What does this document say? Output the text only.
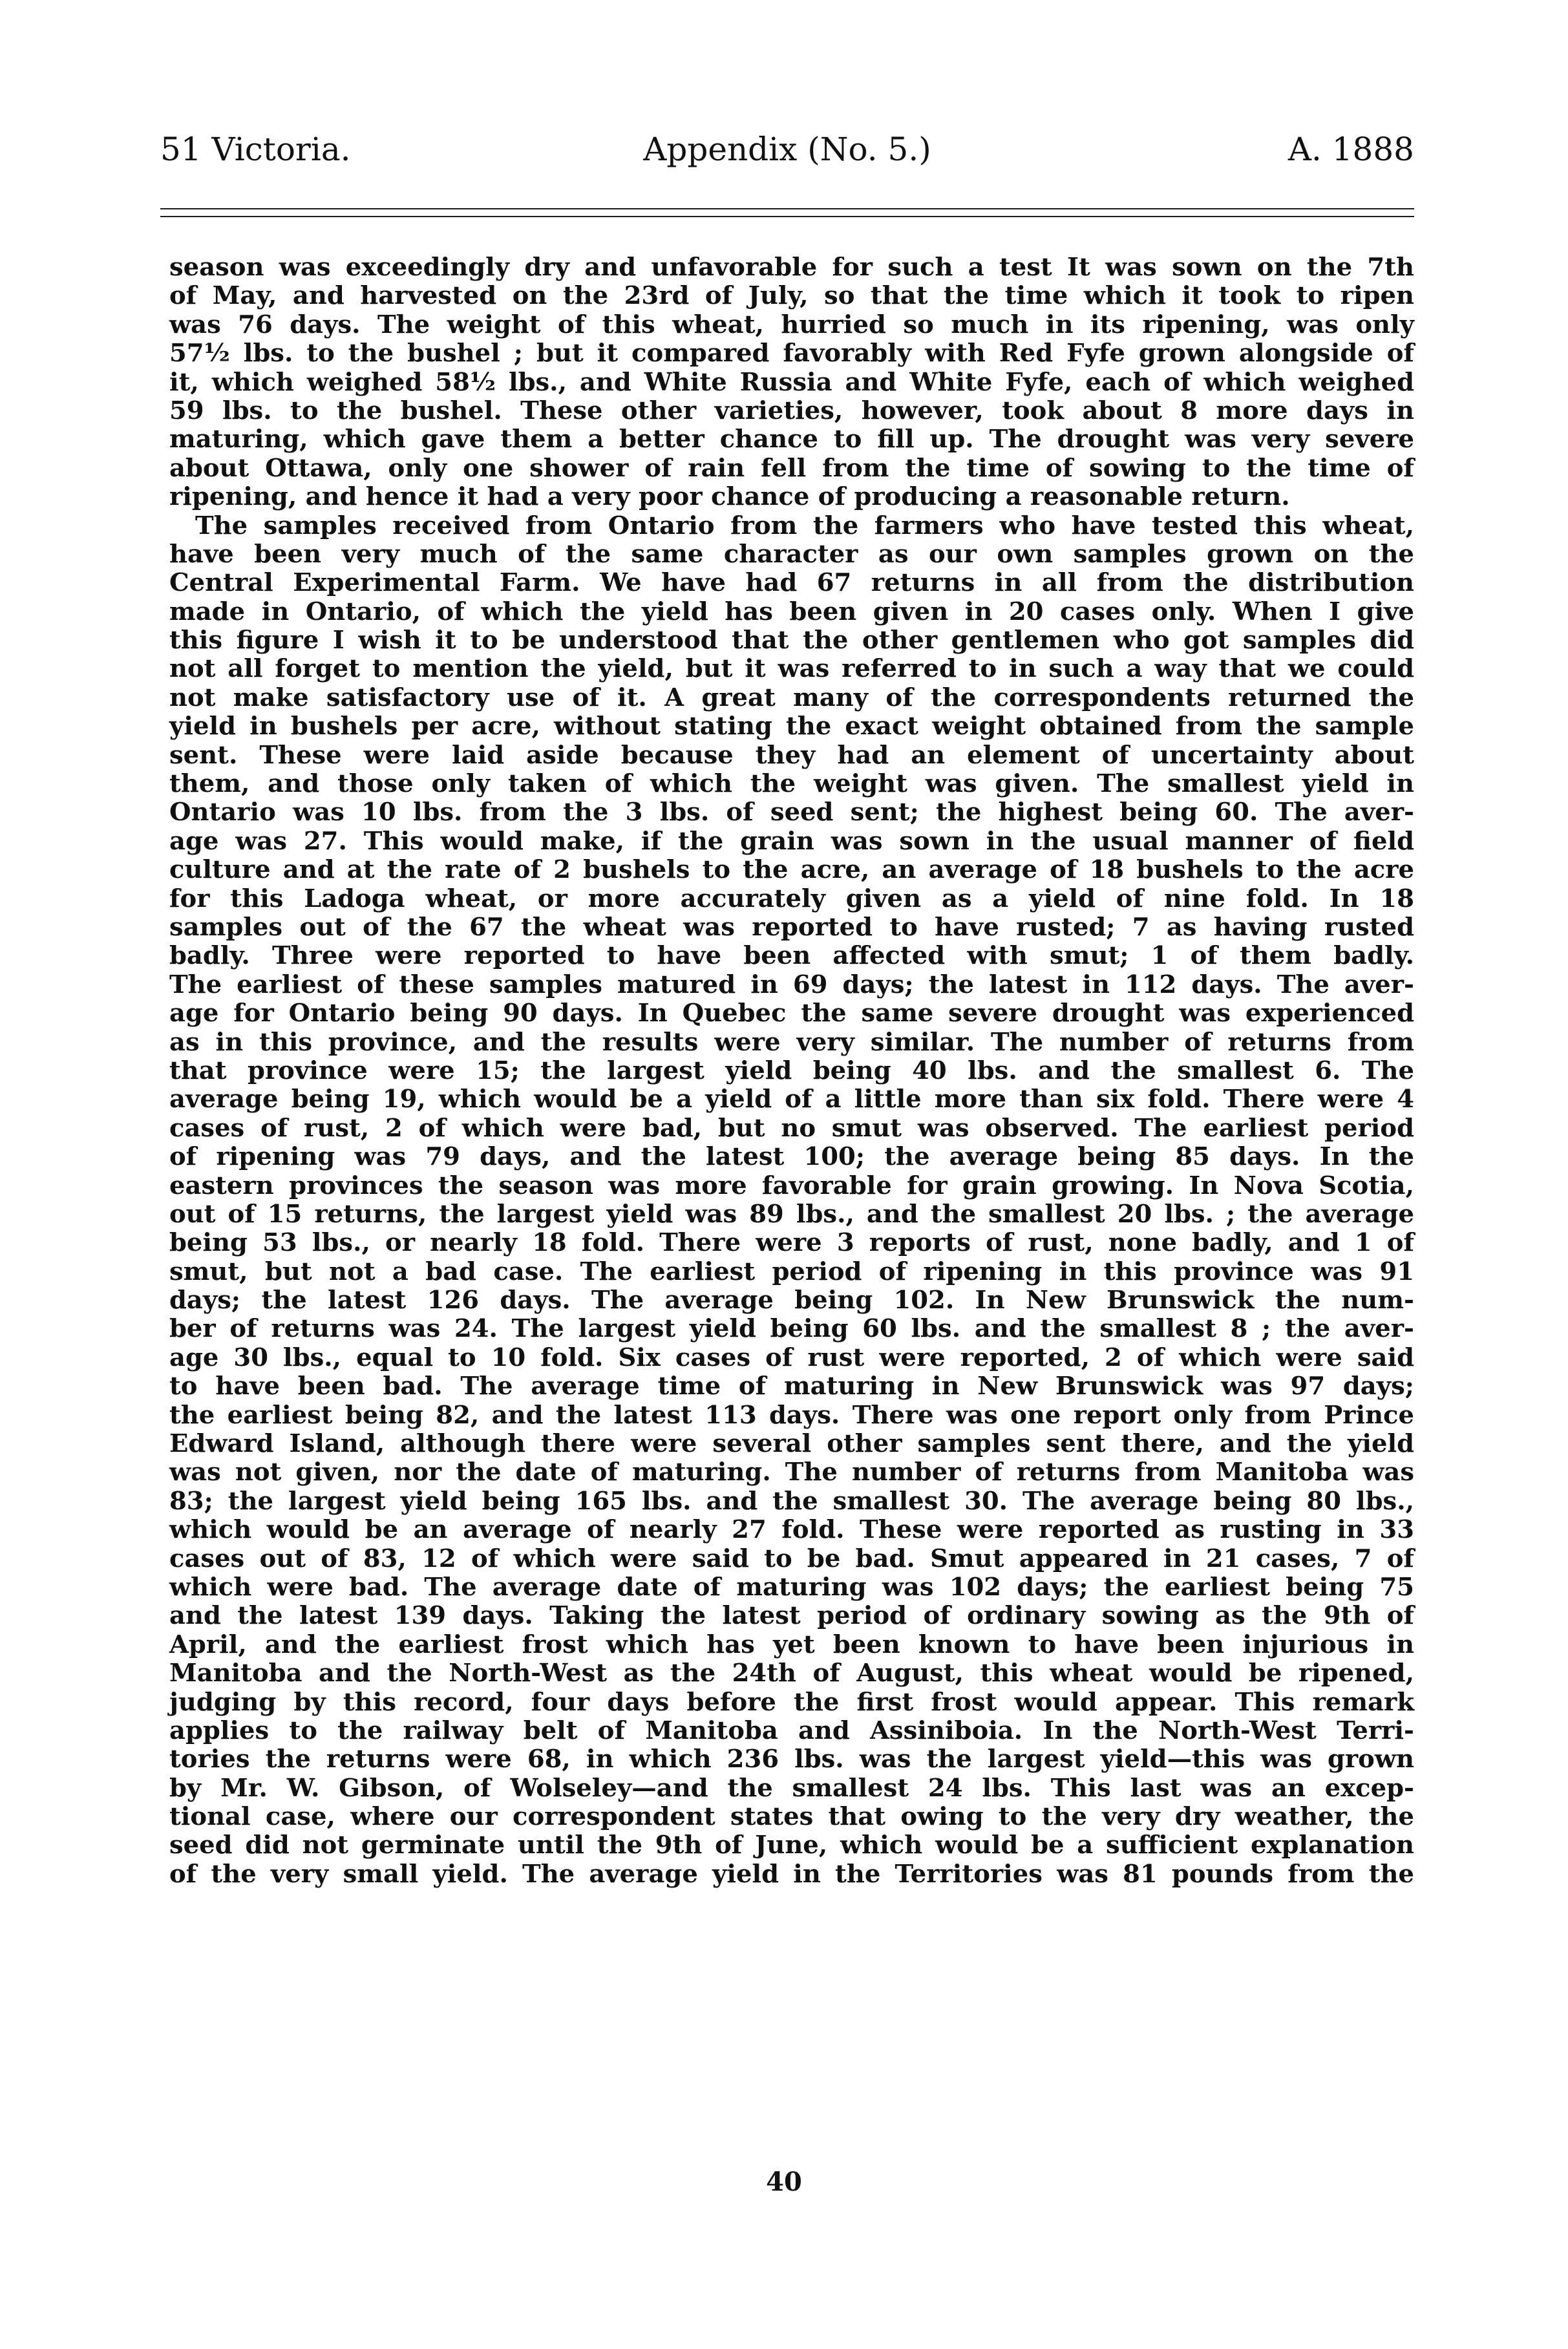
51 Victoria.	Appendix (No. 5.)	A. 1888
season was exceedingly dry and unfavorable for such a test It was sown on the 7th
of May, and harvested on the 23rd of July, so that the time which it took to ripen
was 76 days. The weight of this wheat, hurried so much in its ripening, was only
57½ lbs. to the bushel ; but it compared favorably with Red Fyfe grown alongside of
it, which weighed 58½ lbs., and White Russia and White Fyfe, each of which weighed
59 lbs. to the bushel. These other varieties, however, took about 8 more days in
maturing, which gave them a better chance to fill up. The drought was very severe
about Ottawa, only one shower of rain fell from the time of sowing to the time of
ripening, and hence it had a very poor chance of producing a reasonable return.
The samples received from Ontario from the farmers who have tested this wheat,
have been very much of the same character as our own samples grown on the
Central Experimental Farm. We have had 67 returns in all from the distribution
made in Ontario, of which the yield has been given in 20 cases only. When I give
this figure I wish it to be understood that the other gentlemen who got samples did
not all forget to mention the yield, but it was referred to in such a way that we could
not make satisfactory use of it. A great many of the correspondents returned the
yield in bushels per acre, without stating the exact weight obtained from the sample
sent. These were laid aside because they had an element of uncertainty about
them, and those only taken of which the weight was given. The smallest yield in
Ontario was 10 lbs. from the 3 lbs. of seed sent; the highest being 60. The aver-
age was 27. This would make, if the grain was sown in the usual manner of field
culture and at the rate of 2 bushels to the acre, an average of 18 bushels to the acre
for this Ladoga wheat, or more accurately given as a yield of nine fold. In 18
samples out of the 67 the wheat was reported to have rusted; 7 as having rusted
badly. Three were reported to have been affected with smut; 1 of them badly.
The earliest of these samples matured in 69 days; the latest in 112 days. The aver-
age for Ontario being 90 days. In Quebec the same severe drought was experienced
as in this province, and the results were very similar. The number of returns from
that province were 15; the largest yield being 40 lbs. and the smallest 6. The
average being 19, which would be a yield of a little more than six fold. There were 4
cases of rust, 2 of which were bad, but no smut was observed. The earliest period
of ripening was 79 days, and the latest 100; the average being 85 days. In the
eastern provinces the season was more favorable for grain growing. In Nova Scotia,
out of 15 returns, the largest yield was 89 lbs., and the smallest 20 lbs. ; the average
being 53 lbs., or nearly 18 fold. There were 3 reports of rust, none badly, and 1 of
smut, but not a bad case. The earliest period of ripening in this province was 91
days; the latest 126 days. The average being 102. In New Brunswick the num-
ber of returns was 24. The largest yield being 60 lbs. and the smallest 8 ; the aver-
age 30 lbs., equal to 10 fold. Six cases of rust were reported, 2 of which were said
to have been bad. The average time of maturing in New Brunswick was 97 days;
the earliest being 82, and the latest 113 days. There was one report only from Prince
Edward Island, although there were several other samples sent there, and the yield
was not given, nor the date of maturing. The number of returns from Manitoba was
83; the largest yield being 165 lbs. and the smallest 30. The average being 80 lbs.,
which would be an average of nearly 27 fold. These were reported as rusting in 33
cases out of 83, 12 of which were said to be bad. Smut appeared in 21 cases, 7 of
which were bad. The average date of maturing was 102 days; the earliest being 75
and the latest 139 days. Taking the latest period of ordinary sowing as the 9th of
April, and the earliest frost which has yet been known to have been injurious in
Manitoba and the North-West as the 24th of August, this wheat would be ripened,
judging by this record, four days before the first frost would appear. This remark
applies to the railway belt of Manitoba and Assiniboia. In the North-West Terri-
tories the returns were 68, in which 236 lbs. was the largest yield—this was grown
by Mr. W. Gibson, of Wolseley—and the smallest 24 lbs. This last was an excep-
tional case, where our correspondent states that owing to the very dry weather, the
seed did not germinate until the 9th of June, which would be a sufficient explanation
of the very small yield. The average yield in the Territories was 81 pounds from the
40
